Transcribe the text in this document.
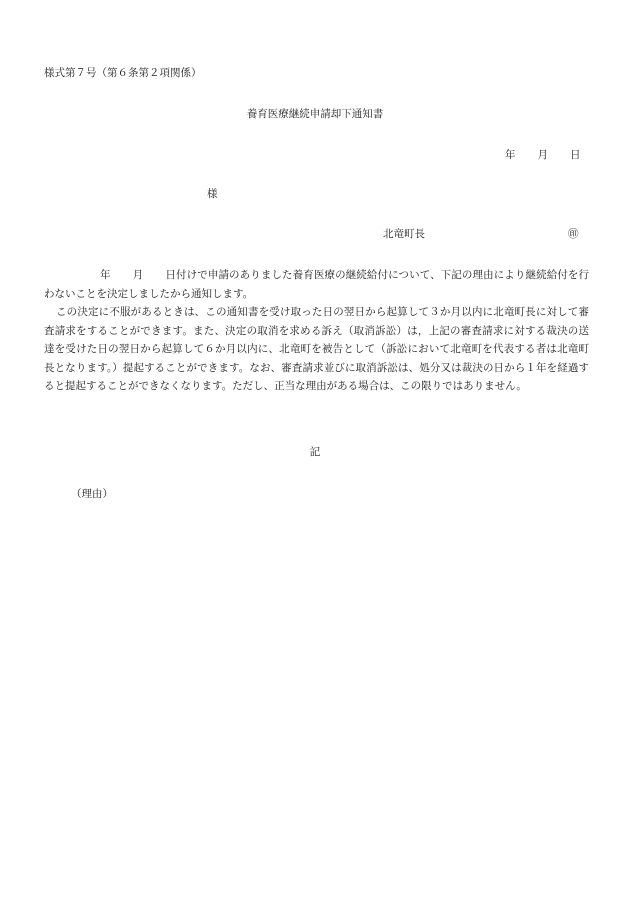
様式第７号（第６条第２項関係）
養育医療継続申請却下通知書
年 月 日
様
北竜町長	㊞

年 月 日付けで申請のありました養育医療の継続給付について、下記の理由により継続給付を行わないことを決定しましたから通知します。

この決定に不服があるときは、この通知書を受け取った日の翌日から起算して３か月以内に北竜町長に対して審査請求をすることができます。また、決定の取消を求める訴え（取消訴訟）は，上記の審査請求に対する裁決の送達を受けた日の翌日から起算して６か月以内に、北竜町を被告として（訴訟において北竜町を代表する者は北竜町長となります。）提起することができます。なお、審査請求並びに取消訴訟は、処分又は裁決の日から１年を経過すると提起することができなくなります。ただし、正当な理由がある場合は、この限りではありません。

記
（理由）
